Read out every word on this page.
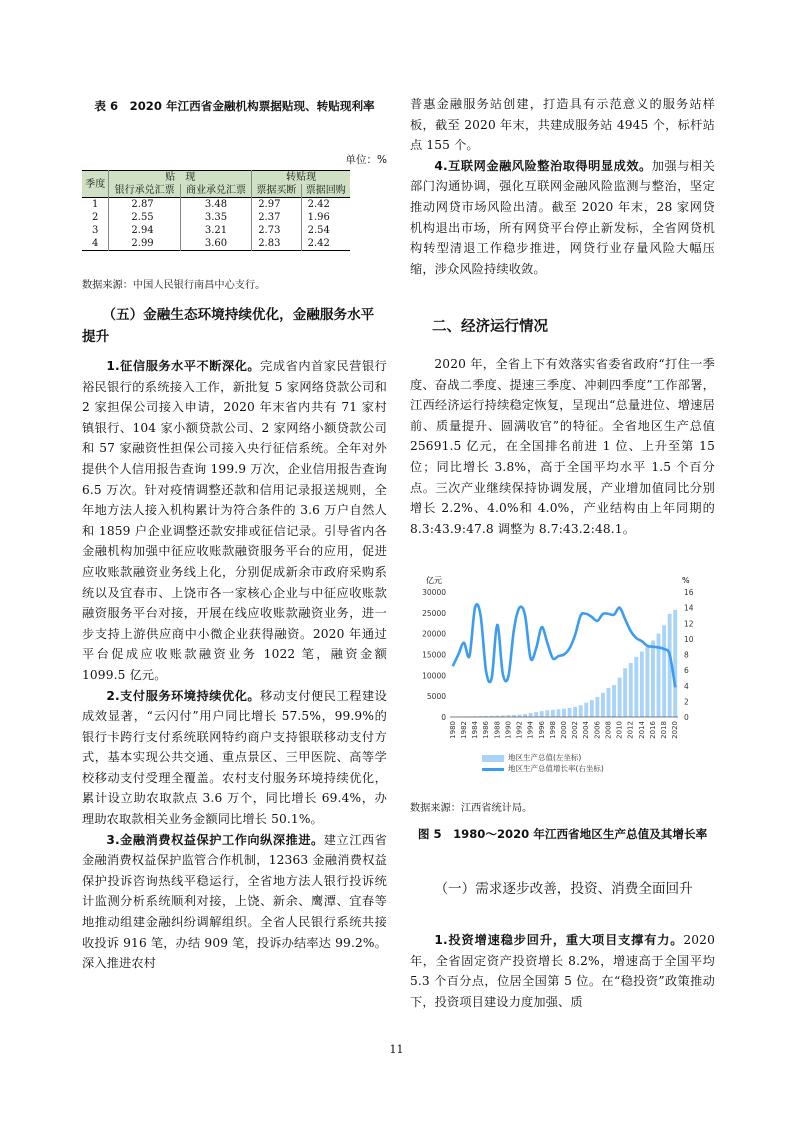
表 6　2020 年江西省金融机构票据贴现、转贴现利率

单位：%
季度	贴　现		转贴现	
	银行承兑汇票	商业承兑汇票	票据买断	票据回购
1	2.87	3.48	2.97	2.42
2	2.55	3.35	2.37	1.96
3	2.94	3.21	2.73	2.54
4	2.99	3.60	2.83	2.42
数据来源：中国人民银行南昌中心支行。

（五）金融生态环境持续优化，金融服务水平提升

1.征信服务水平不断深化。完成省内首家民营银行裕民银行的系统接入工作，新批复 5 家网络贷款公司和 2 家担保公司接入申请，2020 年末省内共有 71 家村镇银行、104 家小额贷款公司、2 家网络小额贷款公司和 57 家融资性担保公司接入央行征信系统。全年对外提供个人信用报告查询 199.9 万次，企业信用报告查询 6.5 万次。针对疫情调整还款和信用记录报送规则，全年地方法人接入机构累计为符合条件的 3.6 万户自然人和 1859 户企业调整还款安排或征信记录。引导省内各金融机构加强中征应收账款融资服务平台的应用，促进应收账款融资业务线上化，分别促成新余市政府采购系统以及宜春市、上饶市各一家核心企业与中征应收账款融资服务平台对接，开展在线应收账款融资业务，进一步支持上游供应商中小微企业获得融资。2020 年通过平台促成应收账款融资业务 1022 笔，融资金额 1099.5 亿元。

2.支付服务环境持续优化。移动支付便民工程建设成效显著，“云闪付”用户同比增长 57.5%，99.9%的银行卡跨行支付系统联网特约商户支持银联移动支付方式，基本实现公共交通、重点景区、三甲医院、高等学校移动支付受理全覆盖。农村支付服务环境持续优化，累计设立助农取款点 3.6 万个，同比增长 69.4%，办理助农取款相关业务金额同比增长 50.1%。

3.金融消费权益保护工作向纵深推进。建立江西省金融消费权益保护监管合作机制，12363 金融消费权益保护投诉咨询热线平稳运行，全省地方法人银行投诉统计监测分析系统顺利对接，上饶、新余、鹰潭、宜春等地推动组建金融纠纷调解组织。全省人民银行系统共接收投诉 916 笔，办结 909 笔，投诉办结率达 99.2%。深入推进农村

普惠金融服务站创建，打造具有示范意义的服务站样板，截至 2020 年末，共建成服务站 4945 个，标杆站点 155 个。

4.互联网金融风险整治取得明显成效。加强与相关部门沟通协调，强化互联网金融风险监测与整治，坚定推动网贷市场风险出清。截至 2020 年末，28 家网贷机构退出市场，所有网贷平台停止新发标，全省网贷机构转型清退工作稳步推进，网贷行业存量风险大幅压缩，涉众风险持续收敛。

二、经济运行情况

2020 年，全省上下有效落实省委省政府“打住一季度、奋战二季度、提速三季度、冲刺四季度”工作部署，江西经济运行持续稳定恢复，呈现出“总量进位、增速居前、质量提升、圆满收官”的特征。全省地区生产总值 25691.5 亿元，在全国排名前进 1 位、上升至第 15 位；同比增长 3.8%，高于全国平均水平 1.5 个百分点。三次产业继续保持协调发展，产业增加值同比分别增长 2.2%、4.0%和 4.0%，产业结构由上年同期的 8.3:43.9:47.8 调整为 8.7:43.2:48.1。

0
5000
10000
15000
20000
25000
30000
0
2
4
6
8
10
12
14
16
1980 1982 1984 1986 1988 1990 1992 1994 1996 1998 2000 2002 2004 2006 2008 2010 2012 2014 2016 2018 2020
亿元	%
地区生产总值(左坐标)
地区生产总值增长率(右坐标)
数据来源：江西省统计局。

图 5　1980～2020 年江西省地区生产总值及其增长率

（一）需求逐步改善，投资、消费全面回升

1.投资增速稳步回升，重大项目支撑有力。2020 年，全省固定资产投资增长 8.2%，增速高于全国平均 5.3 个百分点，位居全国第 5 位。在“稳投资”政策推动下，投资项目建设力度加强、质

11
